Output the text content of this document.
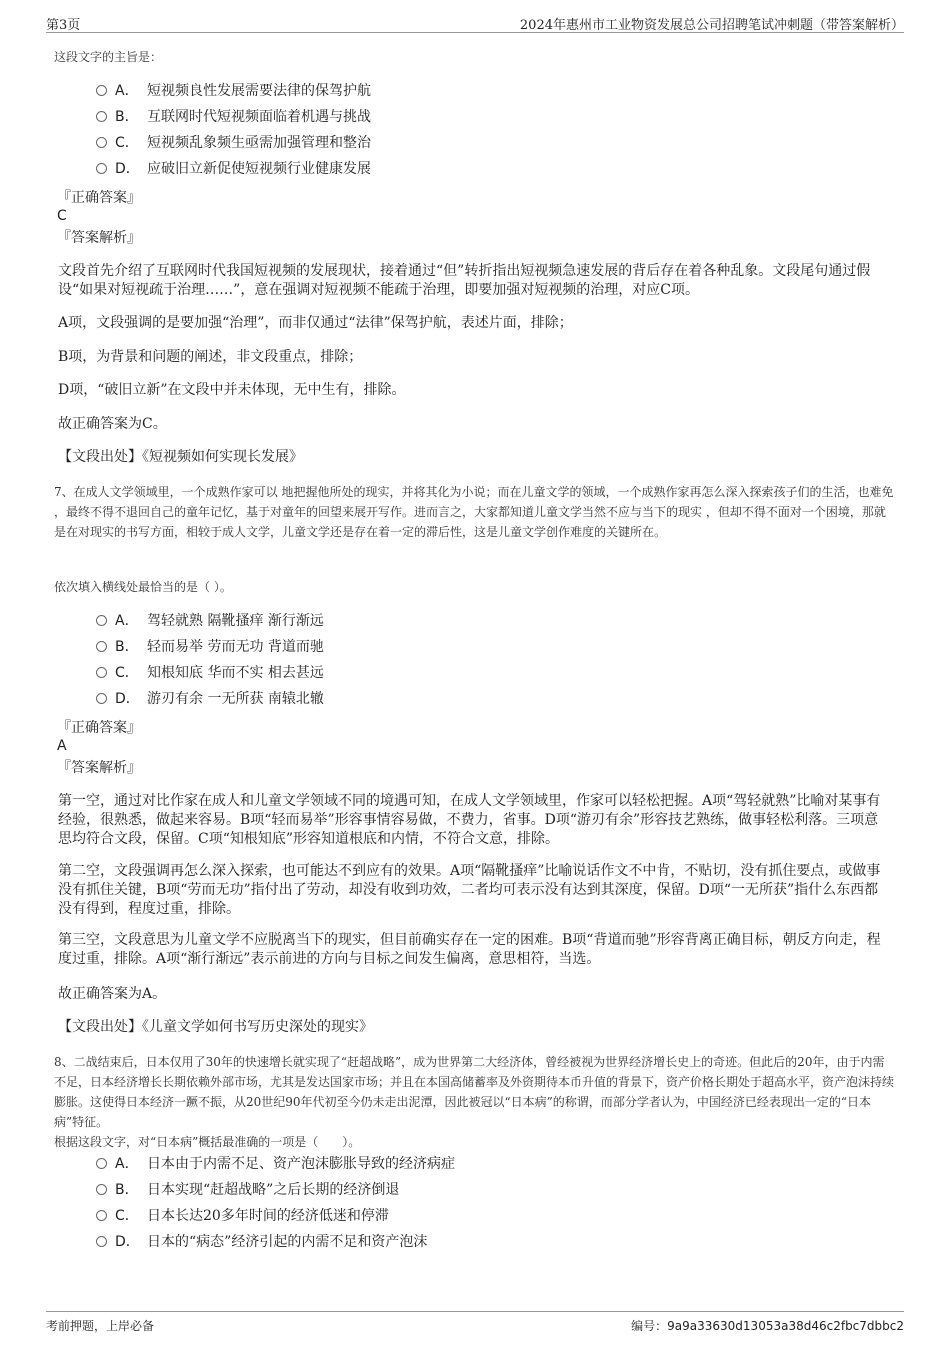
第3页	2024年惠州市工业物资发展总公司招聘笔试冲刺题（带答案解析）

这段文字的主旨是：

A． 短视频良性发展需要法律的保驾护航
B． 互联网时代短视频面临着机遇与挑战
C． 短视频乱象频生亟需加强管理和整治
D． 应破旧立新促使短视频行业健康发展

『正确答案』

C

『答案解析』

文段首先介绍了互联网时代我国短视频的发展现状，接着通过“但”转折指出短视频急速发展的背后存在着各种乱象。文段尾句通过假设“如果对短视疏于治理……”，意在强调对短视频不能疏于治理，即要加强对短视频的治理，对应C项。

A项，文段强调的是要加强“治理”，而非仅通过“法律”保驾护航，表述片面，排除；

B项，为背景和问题的阐述，非文段重点，排除；

D项，“破旧立新”在文段中并未体现，无中生有，排除。

故正确答案为C。

【文段出处】《短视频如何实现长发展》

7、在成人文学领域里，一个成熟作家可以 地把握他所处的现实，并将其化为小说；而在儿童文学的领域，一个成熟作家再怎么深入探索孩子们的生活，也难免 ，最终不得不退回自己的童年记忆，基于对童年的回望来展开写作。进而言之，大家都知道儿童文学当然不应与当下的现实 ，但却不得不面对一个困境，那就是在对现实的书写方面，相较于成人文学，儿童文学还是存在着一定的滞后性，这是儿童文学创作难度的关键所在。

依次填入横线处最恰当的是（ ）。

A． 驾轻就熟 隔靴搔痒 渐行渐远
B． 轻而易举 劳而无功 背道而驰
C． 知根知底 华而不实 相去甚远
D． 游刃有余 一无所获 南辕北辙

『正确答案』

A

『答案解析』

第一空，通过对比作家在成人和儿童文学领域不同的境遇可知，在成人文学领域里，作家可以轻松把握。A项“驾轻就熟”比喻对某事有经验，很熟悉，做起来容易。B项“轻而易举”形容事情容易做，不费力，省事。D项“游刃有余”形容技艺熟练，做事轻松利落。三项意思均符合文段，保留。C项“知根知底”形容知道根底和内情，不符合文意，排除。

第二空，文段强调再怎么深入探索，也可能达不到应有的效果。A项“隔靴搔痒”比喻说话作文不中肯，不贴切，没有抓住要点，或做事没有抓住关键，B项“劳而无功”指付出了劳动，却没有收到功效，二者均可表示没有达到其深度，保留。D项“一无所获”指什么东西都没有得到，程度过重，排除。

第三空，文段意思为儿童文学不应脱离当下的现实，但目前确实存在一定的困难。B项“背道而驰”形容背离正确目标，朝反方向走，程度过重，排除。A项“渐行渐远”表示前进的方向与目标之间发生偏离，意思相符，当选。

故正确答案为A。

【文段出处】《儿童文学如何书写历史深处的现实》

8、二战结束后，日本仅用了30年的快速增长就实现了“赶超战略”，成为世界第二大经济体，曾经被视为世界经济增长史上的奇迹。但此后的20年，由于内需不足，日本经济增长长期依赖外部市场，尤其是发达国家市场；并且在本国高储蓄率及外资期待本币升值的背景下，资产价格长期处于超高水平，资产泡沫持续膨胀。这使得日本经济一蹶不振，从20世纪90年代初至今仍未走出泥潭，因此被冠以“日本病”的称谓，而部分学者认为，中国经济已经表现出一定的“日本病”特征。

根据这段文字，对“日本病”概括最准确的一项是（　　）。

A． 日本由于内需不足、资产泡沫膨胀导致的经济病症
B． 日本实现“赶超战略”之后长期的经济倒退
C． 日本长达20多年时间的经济低迷和停滞
D． 日本的“病态”经济引起的内需不足和资产泡沫
考前押题，上岸必备	编号：9a9a33630d13053a38d46c2fbc7dbbc2
